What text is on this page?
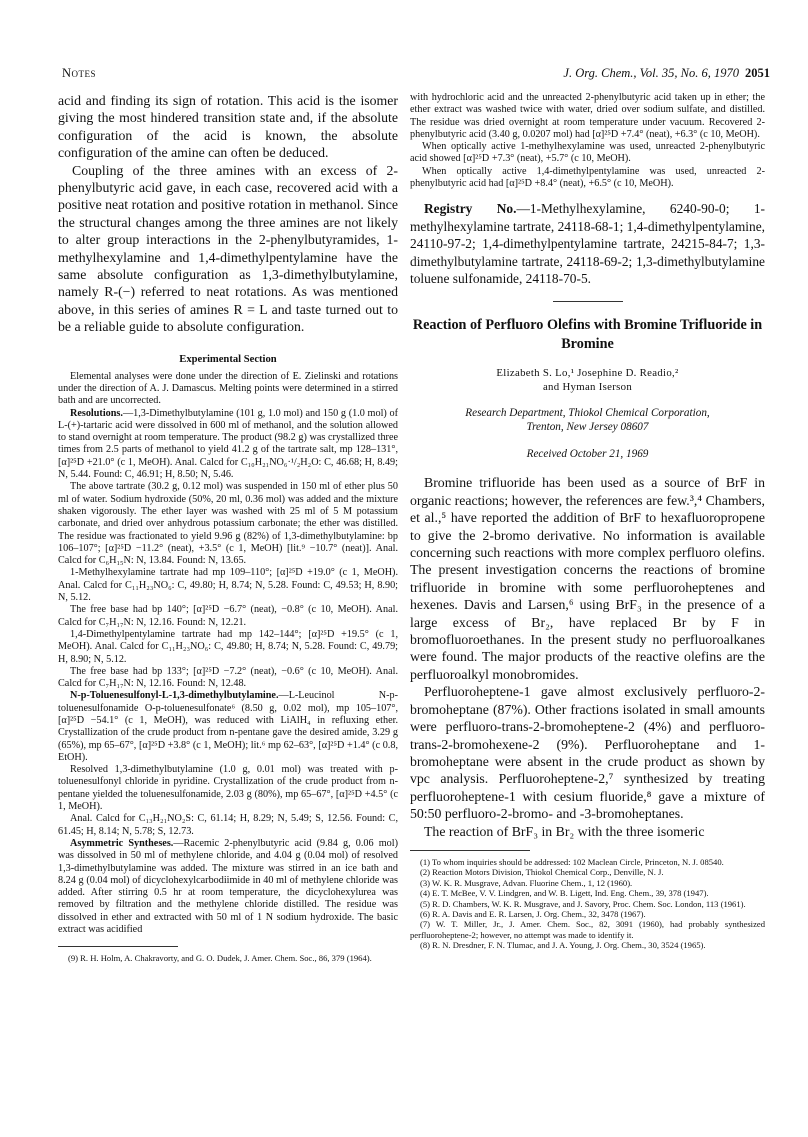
Notes	J. Org. Chem., Vol. 35, No. 6, 1970 2051

acid and finding its sign of rotation. This acid is the isomer giving the most hindered transition state and, if the absolute configuration of the acid is known, the absolute configuration of the amine can often be deduced.

Coupling of the three amines with an excess of 2-phenylbutyric acid gave, in each case, recovered acid with a positive neat rotation and positive rotation in methanol. Since the structural changes among the three amines are not likely to alter group interactions in the 2-phenylbutyramides, 1-methylhexylamine and 1,4-dimethylpentylamine have the same absolute configuration as 1,3-dimethylbutylamine, namely R-(−) referred to neat rotations. As was mentioned above, in this series of amines R = L and taste turned out to be a reliable guide to absolute configuration.

Experimental Section

Elemental analyses were done under the direction of E. Zielinski and rotations under the direction of A. J. Damascus. Melting points were determined in a stirred bath and are uncorrected.

Resolutions.—1,3-Dimethylbutylamine (101 g, 1.0 mol) and 150 g (1.0 mol) of L-(+)-tartaric acid were dissolved in 600 ml of methanol, and the solution allowed to stand overnight at room temperature. The product (98.2 g) was crystallized three times from 2.5 parts of methanol to yield 41.2 g of the tartrate salt, mp 128–131°, [α]²⁵D +21.0° (c 1, MeOH). Anal. Calcd for C₁₀H₂₁NO₆·¹/₂H₂O: C, 46.68; H, 8.49; N, 5.44. Found: C, 46.91; H, 8.50; N, 5.46.

The above tartrate (30.2 g, 0.12 mol) was suspended in 150 ml of ether plus 50 ml of water. Sodium hydroxide (50%, 20 ml, 0.36 mol) was added and the mixture shaken vigorously. The ether layer was washed with 25 ml of 5 M potassium carbonate, and dried over anhydrous potassium carbonate; the ether was distilled. The residue was fractionated to yield 9.96 g (82%) of 1,3-dimethylbutylamine: bp 106–107°; [α]²⁵D −11.2° (neat), +3.5° (c 1, MeOH) [lit.⁹ −10.7° (neat)]. Anal. Calcd for C₆H₁₅N: N, 13.84. Found: N, 13.65.

1-Methylhexylamine tartrate had mp 109–110°; [α]²⁵D +19.0° (c 1, MeOH). Anal. Calcd for C₁₁H₂₃NO₆: C, 49.80; H, 8.74; N, 5.28. Found: C, 49.53; H, 8.90; N, 5.12.

The free base had bp 140°; [α]²⁵D −6.7° (neat), −0.8° (c 10, MeOH). Anal. Calcd for C₇H₁₇N: N, 12.16. Found: N, 12.21.

1,4-Dimethylpentylamine tartrate had mp 142–144°; [α]²⁵D +19.5° (c 1, MeOH). Anal. Calcd for C₁₁H₂₃NO₆: C, 49.80; H, 8.74; N, 5.28. Found: C, 49.79; H, 8.90; N, 5.12.

The free base had bp 133°; [α]²⁵D −7.2° (neat), −0.6° (c 10, MeOH). Anal. Calcd for C₇H₁₇N: N, 12.16. Found: N, 12.48.

N-p-Toluenesulfonyl-L-1,3-dimethylbutylamine.—L-Leucinol N-p-toluenesulfonamide O-p-toluenesulfonate⁶ (8.50 g, 0.02 mol), mp 105–107°, [α]²⁵D −54.1° (c 1, MeOH), was reduced with LiAlH₄ in refluxing ether. Crystallization of the crude product from n-pentane gave the desired amide, 3.29 g (65%), mp 65–67°, [α]²⁵D +3.8° (c 1, MeOH); lit.⁶ mp 62–63°, [α]²⁵D +1.4° (c 0.8, EtOH).

Resolved 1,3-dimethylbutylamine (1.0 g, 0.01 mol) was treated with p-toluenesulfonyl chloride in pyridine. Crystallization of the crude product from n-pentane yielded the toluenesulfonamide, 2.03 g (80%), mp 65–67°, [α]²⁵D +4.5° (c 1, MeOH).

Anal. Calcd for C₁₃H₂₁NO₂S: C, 61.14; H, 8.29; N, 5.49; S, 12.56. Found: C, 61.45; H, 8.14; N, 5.78; S, 12.73.

Asymmetric Syntheses.—Racemic 2-phenylbutyric acid (9.84 g, 0.06 mol) was dissolved in 50 ml of methylene chloride, and 4.04 g (0.04 mol) of resolved 1,3-dimethylbutylamine was added. The mixture was stirred in an ice bath and 8.24 g (0.04 mol) of dicyclohexylcarbodiimide in 40 ml of methylene chloride was added. After stirring 0.5 hr at room temperature, the dicyclohexylurea was removed by filtration and the methylene chloride distilled. The residue was dissolved in ether and extracted with 50 ml of 1 N sodium hydroxide. The basic extract was acidified

(9) R. H. Holm, A. Chakravorty, and G. O. Dudek, J. Amer. Chem. Soc., 86, 379 (1964).

with hydrochloric acid and the unreacted 2-phenylbutyric acid taken up in ether; the ether extract was washed twice with water, dried over sodium sulfate, and distilled. The residue was dried overnight at room temperature under vacuum. Recovered 2-phenylbutyric acid (3.40 g, 0.0207 mol) had [α]²⁵D +7.4° (neat), +6.3° (c 10, MeOH).

When optically active 1-methylhexylamine was used, unreacted 2-phenylbutyric acid showed [α]²⁵D +7.3° (neat), +5.7° (c 10, MeOH).

When optically active 1,4-dimethylpentylamine was used, unreacted 2-phenylbutyric acid had [α]²⁵D +8.4° (neat), +6.5° (c 10, MeOH).

Registry No.—1-Methylhexylamine, 6240-90-0; 1-methylhexylamine tartrate, 24118-68-1; 1,4-dimethylpentylamine, 24110-97-2; 1,4-dimethylpentylamine tartrate, 24215-84-7; 1,3-dimethylbutylamine tartrate, 24118-69-2; 1,3-dimethylbutylamine toluene sulfonamide, 24118-70-5.

Reaction of Perfluoro Olefins with Bromine Trifluoride in Bromine
Elizabeth S. Lo,¹ Josephine D. Readio,²
and Hyman Iserson
Research Department, Thiokol Chemical Corporation,
Trenton, New Jersey 08607
Received October 21, 1969

Bromine trifluoride has been used as a source of BrF in organic reactions; however, the references are few.³,⁴ Chambers, et al.,⁵ have reported the addition of BrF to hexafluoropropene to give the 2-bromo derivative. No information is available concerning such reactions with more complex perfluoro olefins. The present investigation concerns the reactions of bromine trifluoride in bromine with some perfluoroheptenes and hexenes. Davis and Larsen,⁶ using BrF₃ in the presence of a large excess of Br₂, have replaced Br by F in bromofluoroethanes. In the present study no perfluoroalkanes were found. The major products of the reactive olefins are the perfluoroalkyl monobromides.

Perfluoroheptene-1 gave almost exclusively perfluoro-2-bromoheptane (87%). Other fractions isolated in small amounts were perfluoro-trans-2-bromoheptene-2 (4%) and perfluoro-trans-2-bromohexene-2 (9%). Perfluoroheptane and 1-bromoheptane were absent in the crude product as shown by vpc analysis. Perfluoroheptene-2,⁷ synthesized by treating perfluoroheptene-1 with cesium fluoride,⁸ gave a mixture of 50:50 perfluoro-2-bromo- and -3-bromoheptanes.

The reaction of BrF₃ in Br₂ with the three isomeric

(1) To whom inquiries should be addressed: 102 Maclean Circle, Princeton, N. J. 08540.

(2) Reaction Motors Division, Thiokol Chemical Corp., Denville, N. J.

(3) W. K. R. Musgrave, Advan. Fluorine Chem., 1, 12 (1960).

(4) E. T. McBee, V. V. Lindgren, and W. B. Ligett, Ind. Eng. Chem., 39, 378 (1947).

(5) R. D. Chambers, W. K. R. Musgrave, and J. Savory, Proc. Chem. Soc. London, 113 (1961).

(6) R. A. Davis and E. R. Larsen, J. Org. Chem., 32, 3478 (1967).

(7) W. T. Miller, Jr., J. Amer. Chem. Soc., 82, 3091 (1960), had probably synthesized perfluoroheptene-2; however, no attempt was made to identify it.

(8) R. N. Dresdner, F. N. Tlumac, and J. A. Young, J. Org. Chem., 30, 3524 (1965).
